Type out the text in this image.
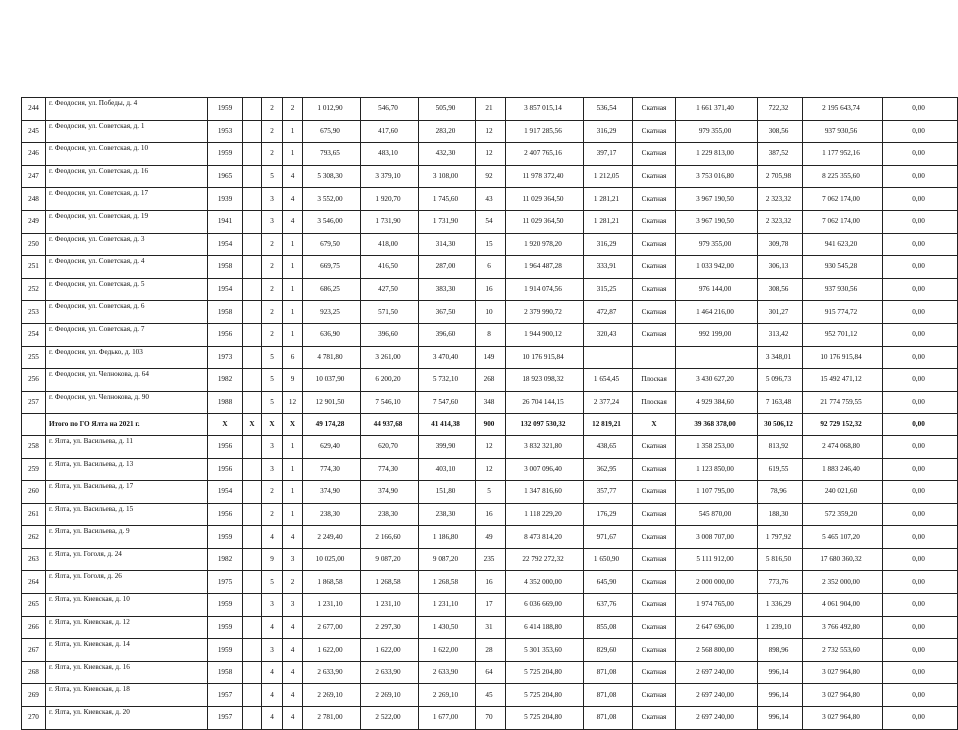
244	г. Феодосия, ул. Победы, д. 4	1959		2	2	1 012,90	546,70	505,90	21	3 857 015,14	536,54	Скатная	1 661 371,40	722,32	2 195 643,74	0,00
245	г. Феодосия, ул. Советская, д. 1	1953		2	1	675,90	417,60	283,20	12	1 917 285,56	316,29	Скатная	979 355,00	308,56	937 930,56	0,00
246	г. Феодосия, ул. Советская, д. 10	1959		2	1	793,65	483,10	432,30	12	2 407 765,16	397,17	Скатная	1 229 813,00	387,52	1 177 952,16	0,00
247	г. Феодосия, ул. Советская, д. 16	1965		5	4	5 308,30	3 379,10	3 108,00	92	11 978 372,40	1 212,05	Скатная	3 753 016,80	2 705,98	8 225 355,60	0,00
248	г. Феодосия, ул. Советская, д. 17	1939		3	4	3 552,00	1 920,70	1 745,60	43	11 029 364,50	1 281,21	Скатная	3 967 190,50	2 323,32	7 062 174,00	0,00
249	г. Феодосия, ул. Советская, д. 19	1941		3	4	3 546,00	1 731,90	1 731,90	54	11 029 364,50	1 281,21	Скатная	3 967 190,50	2 323,32	7 062 174,00	0,00
250	г. Феодосия, ул. Советская, д. 3	1954		2	1	679,50	418,00	314,30	15	1 920 978,20	316,29	Скатная	979 355,00	309,78	941 623,20	0,00
251	г. Феодосия, ул. Советская, д. 4	1958		2	1	669,75	416,50	287,00	6	1 964 487,28	333,91	Скатная	1 033 942,00	306,13	930 545,28	0,00
252	г. Феодосия, ул. Советская, д. 5	1954		2	1	686,25	427,50	383,30	16	1 914 074,56	315,25	Скатная	976 144,00	308,56	937 930,56	0,00
253	г. Феодосия, ул. Советская, д. 6	1958		2	1	923,25	571,50	367,50	10	2 379 990,72	472,87	Скатная	1 464 216,00	301,27	915 774,72	0,00
254	г. Феодосия, ул. Советская, д. 7	1956		2	1	636,90	396,60	396,60	8	1 944 900,12	320,43	Скатная	992 199,00	313,42	952 701,12	0,00
255	г. Феодосия, ул. Федько, д. 103	1973		5	6	4 781,80	3 261,00	3 470,40	149	10 176 915,84				3 348,01	10 176 915,84	0,00
256	г. Феодосия, ул. Челнокова, д. 64	1982		5	9	10 037,90	6 200,20	5 732,10	268	18 923 098,32	1 654,45	Плоская	3 430 627,20	5 096,73	15 492 471,12	0,00
257	г. Феодосия, ул. Челнокова, д. 90	1988		5	12	12 901,50	7 546,10	7 547,60	348	26 704 144,15	2 377,24	Плоская	4 929 384,60	7 163,48	21 774 759,55	0,00
	Итого по ГО Ялта на 2021 г.	X	X	X	X	49 174,28	44 937,68	41 414,38	900	132 097 530,32	12 819,21	X	39 368 378,00	30 506,12	92 729 152,32	0,00
258	г. Ялта, ул. Васильева, д. 11	1956		3	1	629,40	620,70	399,90	12	3 832 321,80	438,65	Скатная	1 358 253,00	813,92	2 474 068,80	0,00
259	г. Ялта, ул. Васильева, д. 13	1956		3	1	774,30	774,30	403,10	12	3 007 096,40	362,95	Скатная	1 123 850,00	619,55	1 883 246,40	0,00
260	г. Ялта, ул. Васильева, д. 17	1954		2	1	374,90	374,90	151,80	5	1 347 816,60	357,77	Скатная	1 107 795,00	78,96	240 021,60	0,00
261	г. Ялта, ул. Васильева, д. 15	1956		2	1	238,30	238,30	238,30	16	1 118 229,20	176,29	Скатная	545 870,00	188,30	572 359,20	0,00
262	г. Ялта, ул. Васильева, д. 9	1959		4	4	2 249,40	2 166,60	1 186,80	49	8 473 814,20	971,67	Скатная	3 008 707,00	1 797,92	5 465 107,20	0,00
263	г. Ялта, ул. Гоголя, д. 24	1982		9	3	10 025,00	9 087,20	9 087,20	235	22 792 272,32	1 650,90	Скатная	5 111 912,00	5 816,50	17 680 360,32	0,00
264	г. Ялта, ул. Гоголя, д. 26	1975		5	2	1 868,58	1 268,58	1 268,58	16	4 352 000,00	645,90	Скатная	2 000 000,00	773,76	2 352 000,00	0,00
265	г. Ялта, ул. Киевская, д. 10	1959		3	3	1 231,10	1 231,10	1 231,10	17	6 036 669,00	637,76	Скатная	1 974 765,00	1 336,29	4 061 904,00	0,00
266	г. Ялта, ул. Киевская, д. 12	1959		4	4	2 677,00	2 297,30	1 430,50	31	6 414 188,80	855,08	Скатная	2 647 696,00	1 239,10	3 766 492,80	0,00
267	г. Ялта, ул. Киевская, д. 14	1959		3	4	1 622,00	1 622,00	1 622,00	28	5 301 353,60	829,60	Скатная	2 568 800,00	898,96	2 732 553,60	0,00
268	г. Ялта, ул. Киевская, д. 16	1958		4	4	2 633,90	2 633,90	2 633,90	64	5 725 204,80	871,08	Скатная	2 697 240,00	996,14	3 027 964,80	0,00
269	г. Ялта, ул. Киевская, д. 18	1957		4	4	2 269,10	2 269,10	2 269,10	45	5 725 204,80	871,08	Скатная	2 697 240,00	996,14	3 027 964,80	0,00
270	г. Ялта, ул. Киевская, д. 20	1957		4	4	2 781,00	2 522,00	1 677,00	70	5 725 204,80	871,08	Скатная	2 697 240,00	996,14	3 027 964,80	0,00
